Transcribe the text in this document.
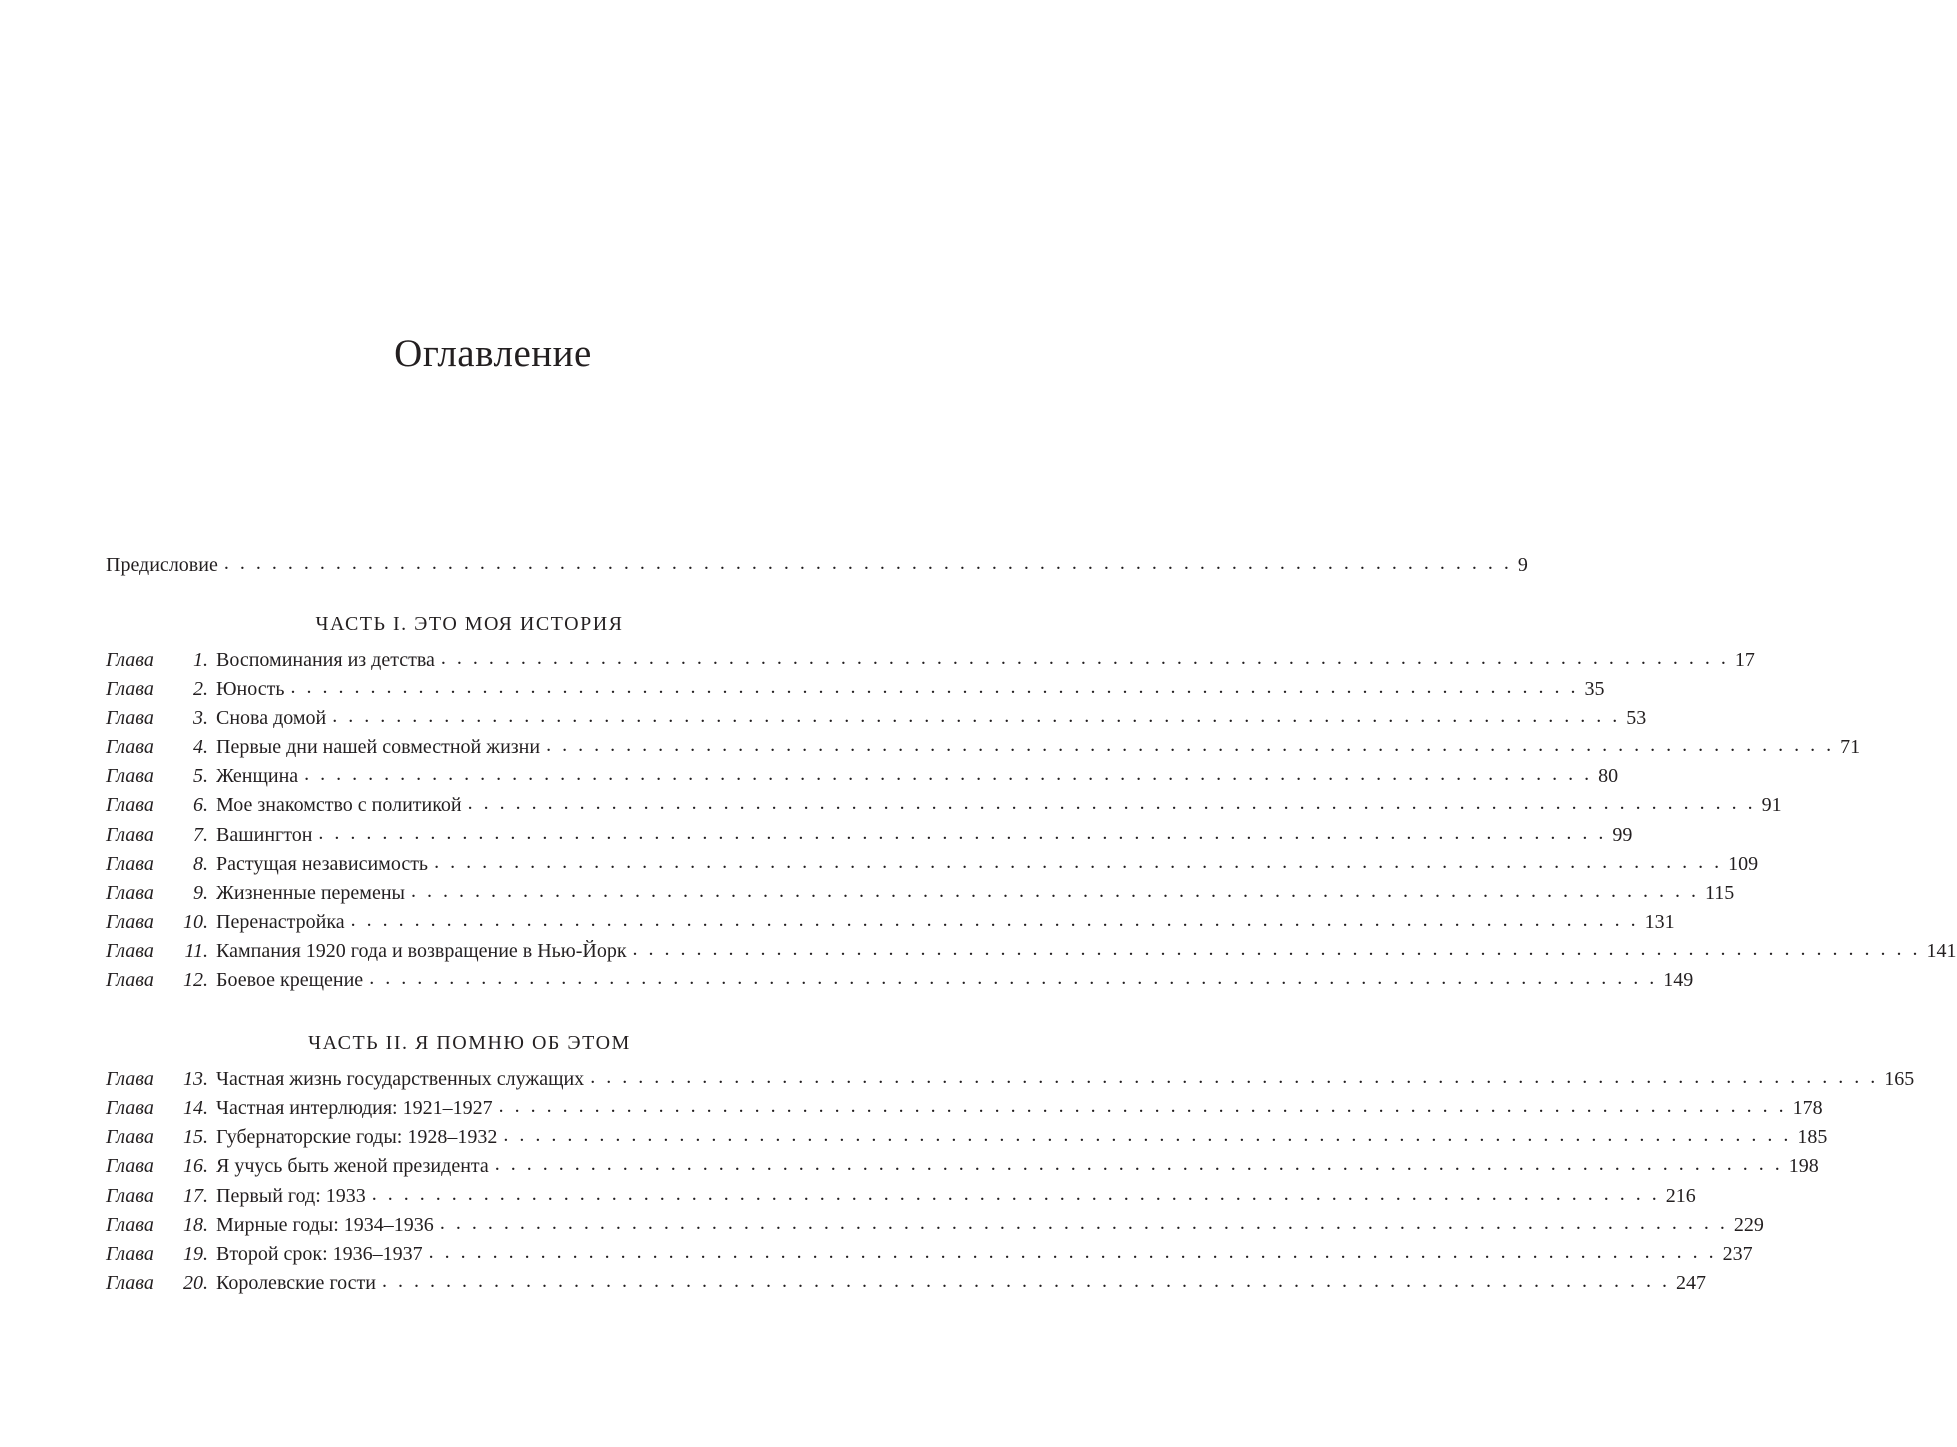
Оглавление
Предисловие . . . . . . . . . . . . . . . . . . . . . . . . . . . . . . . . . . . . . . . . . . . . . . . . . . . . . . . . . . . . . . . . . . . . . . . . . . . . . . . . . 9
ЧАСТЬ I. ЭТО МОЯ ИСТОРИЯ
Глава	1. Воспоминания из детства . . . . . . . . . . . . . . . . . . . . . . . . . . . . . . . . . . . . . . . . . . . . . . . . . . . . . . . . . . . . . . . . . . . . . . . . . . . . . . . . . 17
Глава	2. Юность . . . . . . . . . . . . . . . . . . . . . . . . . . . . . . . . . . . . . . . . . . . . . . . . . . . . . . . . . . . . . . . . . . . . . . . . . . . . . . . . . 35
Глава	3. Снова домой . . . . . . . . . . . . . . . . . . . . . . . . . . . . . . . . . . . . . . . . . . . . . . . . . . . . . . . . . . . . . . . . . . . . . . . . . . . . . . . . . 53
Глава	4. Первые дни нашей совместной жизни . . . . . . . . . . . . . . . . . . . . . . . . . . . . . . . . . . . . . . . . . . . . . . . . . . . . . . . . . . . . . . . . . . . . . . . . . . . . . . . . . 71
Глава	5. Женщина . . . . . . . . . . . . . . . . . . . . . . . . . . . . . . . . . . . . . . . . . . . . . . . . . . . . . . . . . . . . . . . . . . . . . . . . . . . . . . . . . 80
Глава	6. Мое знакомство с политикой . . . . . . . . . . . . . . . . . . . . . . . . . . . . . . . . . . . . . . . . . . . . . . . . . . . . . . . . . . . . . . . . . . . . . . . . . . . . . . . . . 91
Глава	7. Вашингтон . . . . . . . . . . . . . . . . . . . . . . . . . . . . . . . . . . . . . . . . . . . . . . . . . . . . . . . . . . . . . . . . . . . . . . . . . . . . . . . . . 99
Глава	8. Растущая независимость . . . . . . . . . . . . . . . . . . . . . . . . . . . . . . . . . . . . . . . . . . . . . . . . . . . . . . . . . . . . . . . . . . . . . . . . . . . . . . . . . 109
Глава	9. Жизненные перемены . . . . . . . . . . . . . . . . . . . . . . . . . . . . . . . . . . . . . . . . . . . . . . . . . . . . . . . . . . . . . . . . . . . . . . . . . . . . . . . . . 115
Глава	10. Перенастройка . . . . . . . . . . . . . . . . . . . . . . . . . . . . . . . . . . . . . . . . . . . . . . . . . . . . . . . . . . . . . . . . . . . . . . . . . . . . . . . . . 131
Глава	11. Кампания 1920 года и возвращение в Нью-Йорк . . . . . . . . . . . . . . . . . . . . . . . . . . . . . . . . . . . . . . . . . . . . . . . . . . . . . . . . . . . . . . . . . . . . . . . . . . . . . . . . . 141
Глава	12. Боевое крещение . . . . . . . . . . . . . . . . . . . . . . . . . . . . . . . . . . . . . . . . . . . . . . . . . . . . . . . . . . . . . . . . . . . . . . . . . . . . . . . . . 149
ЧАСТЬ II. Я ПОМНЮ ОБ ЭТОМ
Глава	13. Частная жизнь государственных служащих . . . . . . . . . . . . . . . . . . . . . . . . . . . . . . . . . . . . . . . . . . . . . . . . . . . . . . . . . . . . . . . . . . . . . . . . . . . . . . . . . 165
Глава	14. Частная интерлюдия: 1921–1927 . . . . . . . . . . . . . . . . . . . . . . . . . . . . . . . . . . . . . . . . . . . . . . . . . . . . . . . . . . . . . . . . . . . . . . . . . . . . . . . . . 178
Глава	15. Губернаторские годы: 1928–1932 . . . . . . . . . . . . . . . . . . . . . . . . . . . . . . . . . . . . . . . . . . . . . . . . . . . . . . . . . . . . . . . . . . . . . . . . . . . . . . . . . 185
Глава	16. Я учусь быть женой президента . . . . . . . . . . . . . . . . . . . . . . . . . . . . . . . . . . . . . . . . . . . . . . . . . . . . . . . . . . . . . . . . . . . . . . . . . . . . . . . . . 198
Глава	17. Первый год: 1933 . . . . . . . . . . . . . . . . . . . . . . . . . . . . . . . . . . . . . . . . . . . . . . . . . . . . . . . . . . . . . . . . . . . . . . . . . . . . . . . . . 216
Глава	18. Мирные годы: 1934–1936 . . . . . . . . . . . . . . . . . . . . . . . . . . . . . . . . . . . . . . . . . . . . . . . . . . . . . . . . . . . . . . . . . . . . . . . . . . . . . . . . . 229
Глава	19. Второй срок: 1936–1937 . . . . . . . . . . . . . . . . . . . . . . . . . . . . . . . . . . . . . . . . . . . . . . . . . . . . . . . . . . . . . . . . . . . . . . . . . . . . . . . . . 237
Глава	20. Королевские гости . . . . . . . . . . . . . . . . . . . . . . . . . . . . . . . . . . . . . . . . . . . . . . . . . . . . . . . . . . . . . . . . . . . . . . . . . . . . . . . . . 247
